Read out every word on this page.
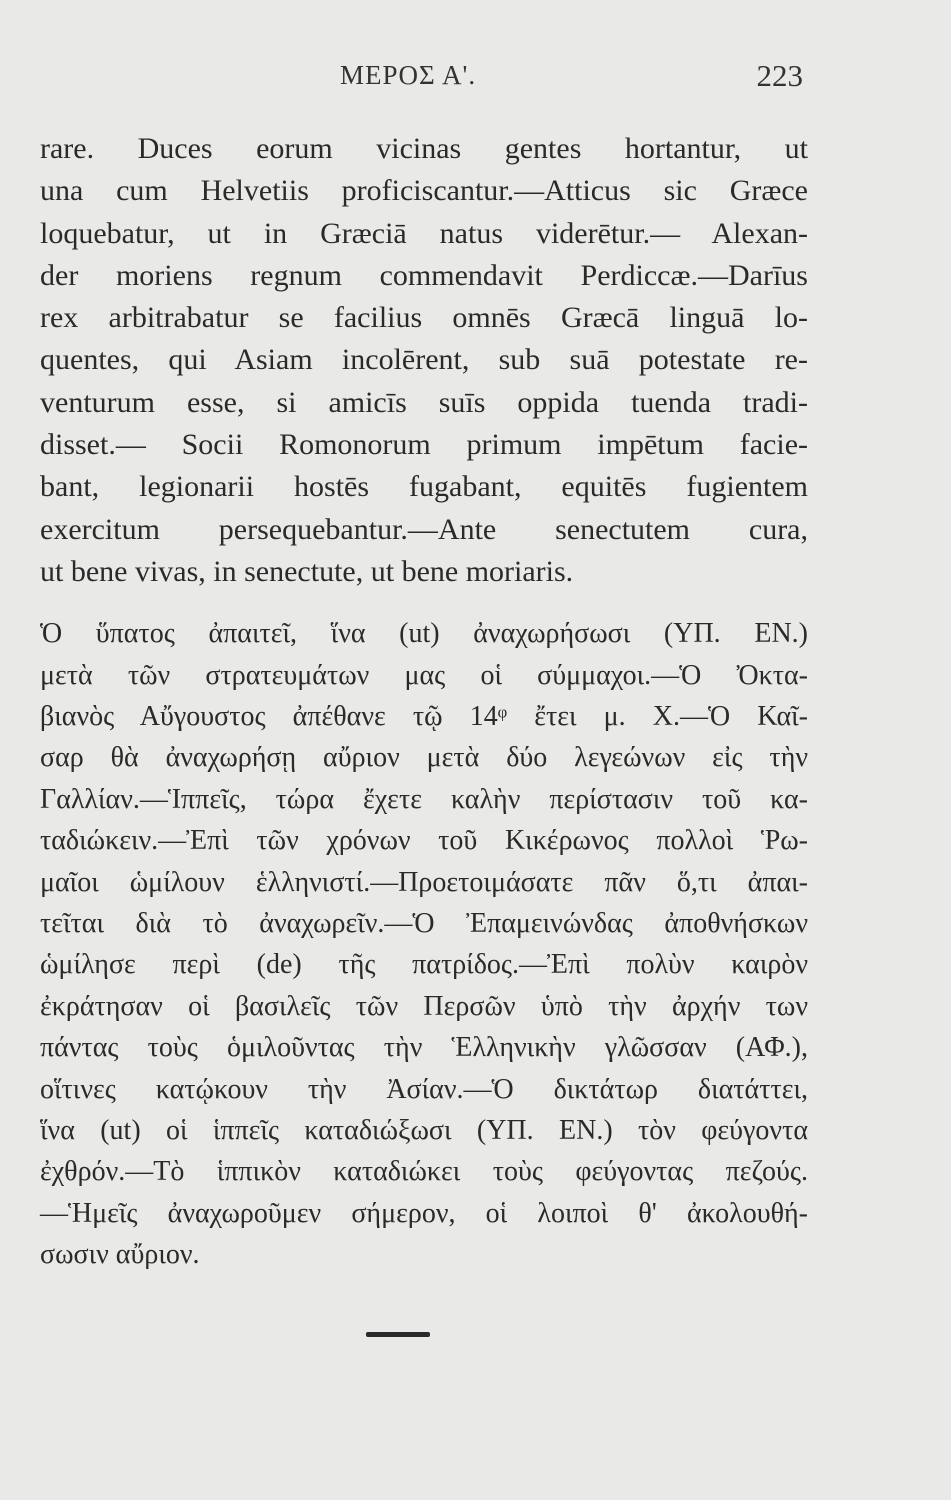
ΜΕΡΟΣ Α'.	223
rare. Duces eorum vicinas gentes hortantur, ut
una cum Helvetiis proficiscantur.—Atticus sic Græce
loquebatur, ut in Græciā natus viderētur.— Alexan-
der moriens regnum commendavit Perdiccæ.—Darīus
rex arbitrabatur se facilius omnēs Græcā linguā lo-
quentes, qui Asiam incolērent, sub suā potestate re-
venturum esse, si amicīs suīs oppida tuenda tradi-
disset.— Socii Romonorum primum impētum facie-
bant, legionarii hostēs fugabant, equitēs fugientem
exercitum persequebantur.—Ante senectutem cura,
ut bene vivas, in senectute, ut bene moriaris.
Ὁ ὕπατος ἀπαιτεῖ, ἵνα (ut) ἀναχωρήσωσι (ΥΠ. ΕΝ.)
μετὰ τῶν στρατευμάτων μας οἱ σύμμαχοι.—Ὁ Ὀκτα-
βιανὸς Αὔγουστος ἀπέθανε τῷ 14ᵠ ἔτει μ. Χ.—Ὁ Καῖ-
σαρ θὰ ἀναχωρήσῃ αὔριον μετὰ δύο λεγεώνων εἰς τὴν
Γαλλίαν.—Ἱππεῖς, τώρα ἔχετε καλὴν περίστασιν τοῦ κα-
ταδιώκειν.—Ἐπὶ τῶν χρόνων τοῦ Κικέρωνος πολλοὶ Ῥω-
μαῖοι ὡμίλουν ἑλληνιστί.—Προετοιμάσατε πᾶν ὅ,τι ἀπαι-
τεῖται διὰ τὸ ἀναχωρεῖν.—Ὁ Ἐπαμεινώνδας ἀποθνήσκων
ὡμίλησε περὶ (de) τῆς πατρίδος.—Ἐπὶ πολὺν καιρὸν
ἐκράτησαν οἱ βασιλεῖς τῶν Περσῶν ὑπὸ τὴν ἀρχήν των
πάντας τοὺς ὁμιλοῦντας τὴν Ἑλληνικὴν γλῶσσαν (ΑΦ.),
οἵτινες κατῴκουν τὴν Ἀσίαν.—Ὁ δικτάτωρ διατάττει,
ἵνα (ut) οἱ ἱππεῖς καταδιώξωσι (ΥΠ. ΕΝ.) τὸν φεύγοντα
ἐχθρόν.—Τὸ ἱππικὸν καταδιώκει τοὺς φεύγοντας πεζούς.
—Ἡμεῖς ἀναχωροῦμεν σήμερον, οἱ λοιποὶ θ' ἀκολουθή-
σωσιν αὔριον.
